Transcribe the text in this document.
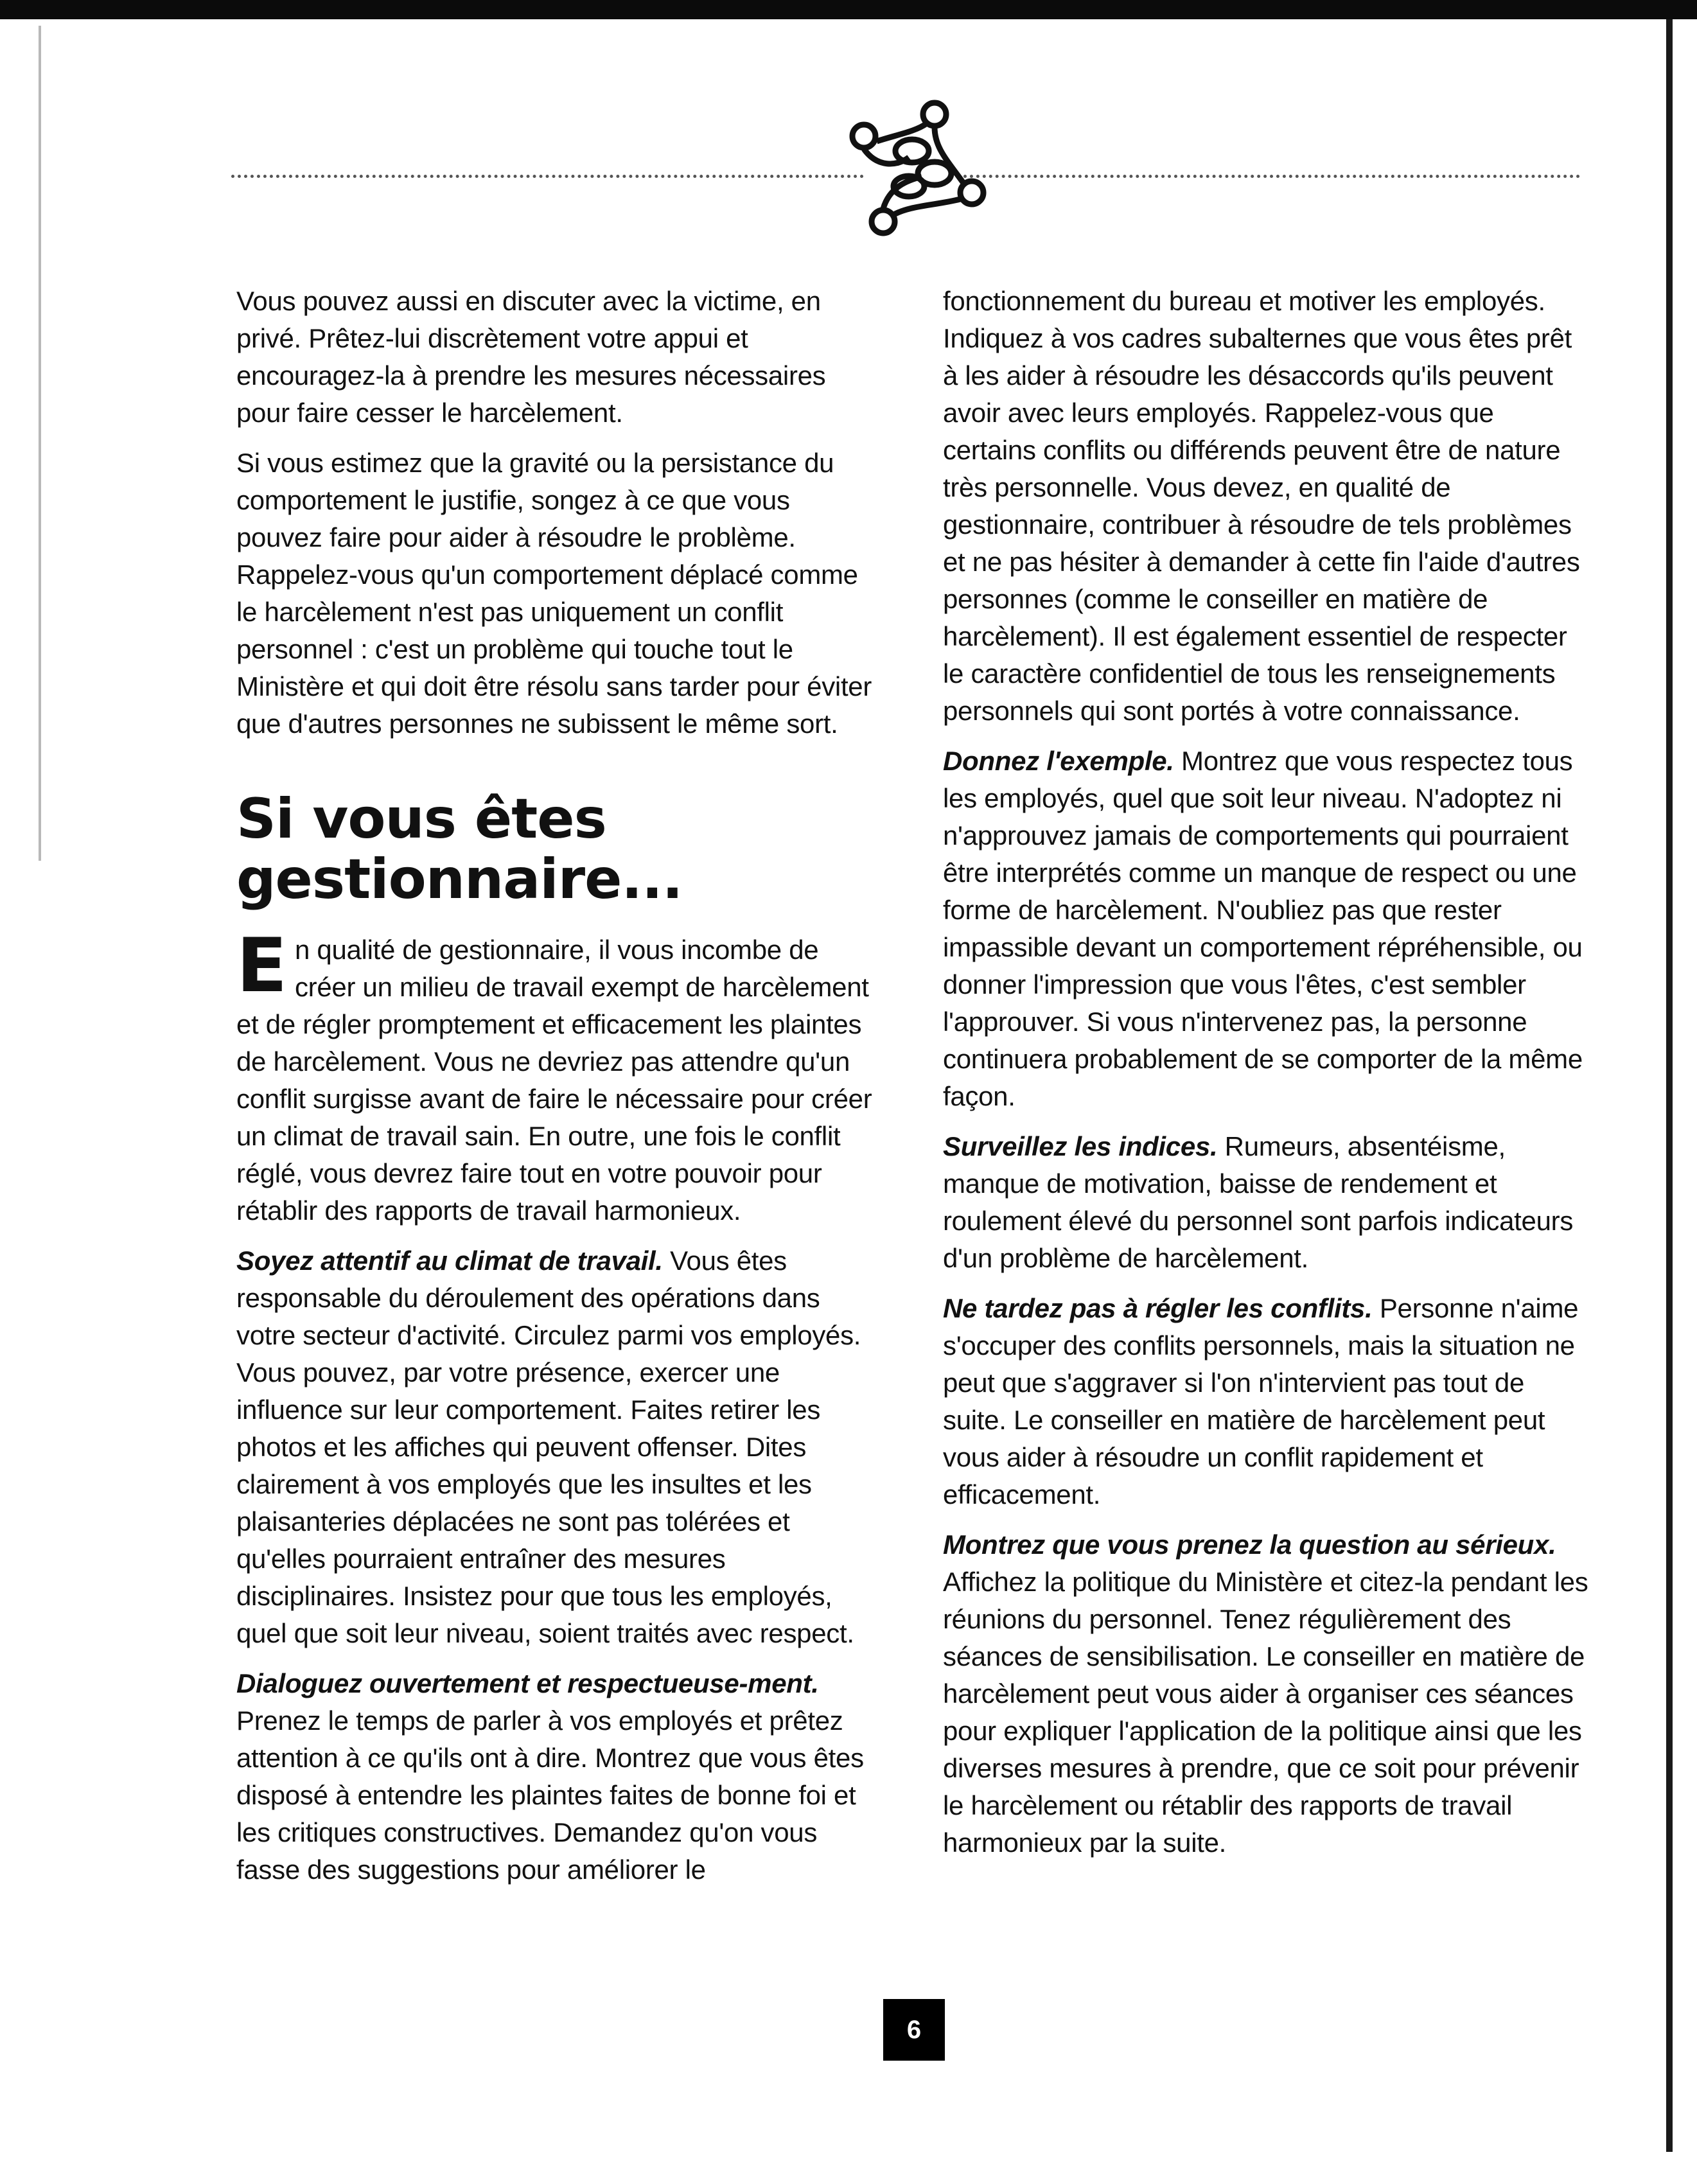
Vous pouvez aussi en discuter avec la victime, en privé. Prêtez-lui discrètement votre appui et encouragez-la à prendre les mesures nécessaires pour faire cesser le harcèlement.

Si vous estimez que la gravité ou la persistance du comportement le justifie, songez à ce que vous pouvez faire pour aider à résoudre le problème. Rappelez-vous qu'un comportement déplacé comme le harcèlement n'est pas uniquement un conflit personnel : c'est un problème qui touche tout le Ministère et qui doit être résolu sans tarder pour éviter que d'autres personnes ne subissent le même sort.

Si vous êtes
gestionnaire...

En qualité de gestionnaire, il vous incombe de créer un milieu de travail exempt de harcèlement et de régler promptement et efficacement les plaintes de harcèlement. Vous ne devriez pas attendre qu'un conflit surgisse avant de faire le nécessaire pour créer un climat de travail sain. En outre, une fois le conflit réglé, vous devrez faire tout en votre pouvoir pour rétablir des rapports de travail harmonieux.

Soyez attentif au climat de travail. Vous êtes responsable du déroulement des opérations dans votre secteur d'activité. Circulez parmi vos employés. Vous pouvez, par votre présence, exercer une influence sur leur comportement. Faites retirer les photos et les affiches qui peuvent offenser. Dites clairement à vos employés que les insultes et les plaisanteries déplacées ne sont pas tolérées et qu'elles pourraient entraîner des mesures disciplinaires. Insistez pour que tous les employés, quel que soit leur niveau, soient traités avec respect.

Dialoguez ouvertement et respectueuse-ment. Prenez le temps de parler à vos employés et prêtez attention à ce qu'ils ont à dire. Montrez que vous êtes disposé à entendre les plaintes faites de bonne foi et les critiques constructives. Demandez qu'on vous fasse des suggestions pour améliorer le

fonctionnement du bureau et motiver les employés. Indiquez à vos cadres subalternes que vous êtes prêt à les aider à résoudre les désaccords qu'ils peuvent avoir avec leurs employés. Rappelez-vous que certains conflits ou différends peuvent être de nature très personnelle. Vous devez, en qualité de gestionnaire, contribuer à résoudre de tels problèmes et ne pas hésiter à demander à cette fin l'aide d'autres personnes (comme le conseiller en matière de harcèlement). Il est également essentiel de respecter le caractère confidentiel de tous les renseignements personnels qui sont portés à votre connaissance.

Donnez l'exemple. Montrez que vous respectez tous les employés, quel que soit leur niveau. N'adoptez ni n'approuvez jamais de comportements qui pourraient être interprétés comme un manque de respect ou une forme de harcèlement. N'oubliez pas que rester impassible devant un comportement répréhensible, ou donner l'impression que vous l'êtes, c'est sembler l'approuver. Si vous n'intervenez pas, la personne continuera probablement de se comporter de la même façon.

Surveillez les indices. Rumeurs, absentéisme, manque de motivation, baisse de rendement et roulement élevé du personnel sont parfois indicateurs d'un problème de harcèlement.

Ne tardez pas à régler les conflits. Personne n'aime s'occuper des conflits personnels, mais la situation ne peut que s'aggraver si l'on n'intervient pas tout de suite. Le conseiller en matière de harcèlement peut vous aider à résoudre un conflit rapidement et efficacement.

Montrez que vous prenez la question au sérieux. Affichez la politique du Ministère et citez-la pendant les réunions du personnel. Tenez régulièrement des séances de sensibilisation. Le conseiller en matière de harcèlement peut vous aider à organiser ces séances pour expliquer l'application de la politique ainsi que les diverses mesures à prendre, que ce soit pour prévenir le harcèlement ou rétablir des rapports de travail harmonieux par la suite.

6
